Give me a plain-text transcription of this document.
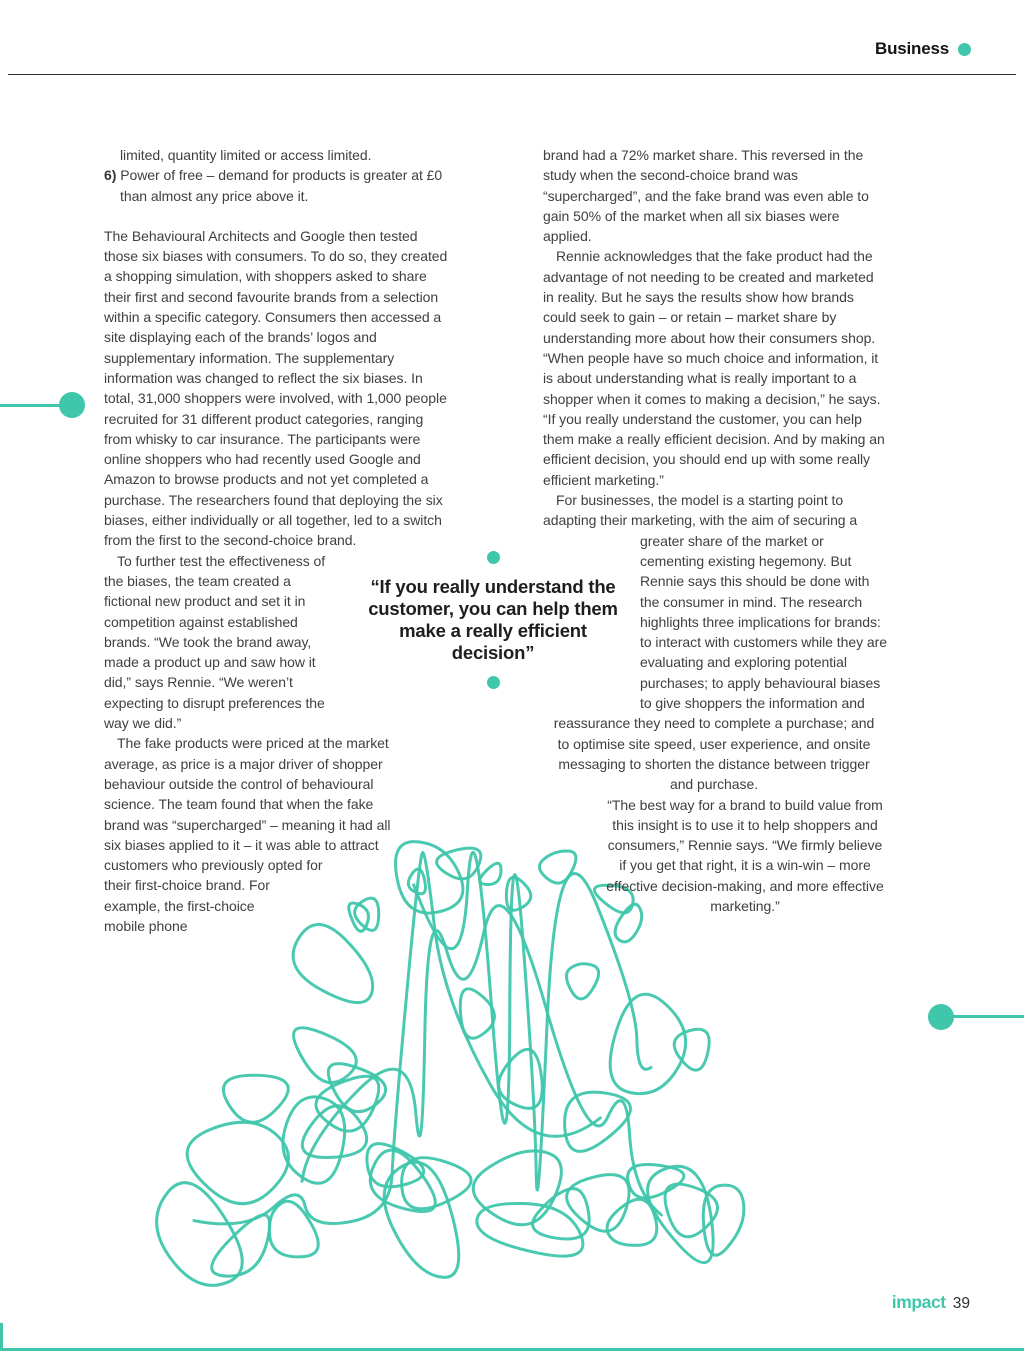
Business

limited, quantity limited or access limited.

6) Power of free – demand for products is greater at £0 than almost any price above it.

The Behavioural Architects and Google then tested those six biases with consumers. To do so, they created a shopping simulation, with shoppers asked to share their first and second favourite brands from a selection within a specific category. Consumers then accessed a site displaying each of the brands’ logos and supplementary information. The supplementary information was changed to reflect the six biases. In total, 31,000 shoppers were involved, with 1,000 people recruited for 31 different product categories, ranging from whisky to car insurance. The participants were online shoppers who had recently used Google and Amazon to browse products and not yet completed a purchase. The researchers found that deploying the six biases, either individually or all together, led to a switch from the first to the second-choice brand.

To further test the effectiveness of the biases, the team created a fictional new product and set it in competition against established brands. “We took the brand away, made a product up and saw how it did,” says Rennie. “We weren’t expecting to disrupt preferences the way we did.”

The fake products were priced at the market average, as price is a major driver of shopper behaviour outside the control of behavioural science. The team found that when the fake brand was “supercharged” – meaning it had all six biases applied to it – it was able to attract customers who previously opted for their first-choice brand. For example, the first-choice mobile phone

brand had a 72% market share. This reversed in the study when the second-choice brand was “supercharged”, and the fake brand was even able to gain 50% of the market when all six biases were applied.

Rennie acknowledges that the fake product had the advantage of not needing to be created and marketed in reality. But he says the results show how brands could seek to gain – or retain – market share by understanding more about how their consumers shop.

“When people have so much choice and information, it is about understanding what is really important to a shopper when it comes to making a decision,” he says. “If you really understand the customer, you can help them make a really efficient decision. And by making an efficient decision, you should end up with some really efficient marketing.”

For businesses, the model is a starting point to adapting their marketing, with the aim of securing a

greater share of the market or cementing existing hegemony. But Rennie says this should be done with the consumer in mind. The research highlights three implications for brands: to interact with customers while they are evaluating and exploring potential purchases; to apply behavioural biases to give shoppers the information and

reassurance they need to complete a purchase; and to optimise site speed, user experience, and onsite messaging to shorten the distance between trigger and purchase.

“The best way for a brand to build value from this insight is to use it to help shoppers and consumers,” Rennie says. “We firmly believe if you get that right, it is a win-win – more effective decision-making, and more effective marketing.”

“If you really understand the customer, you can help them make a really efficient decision”
impact 39
